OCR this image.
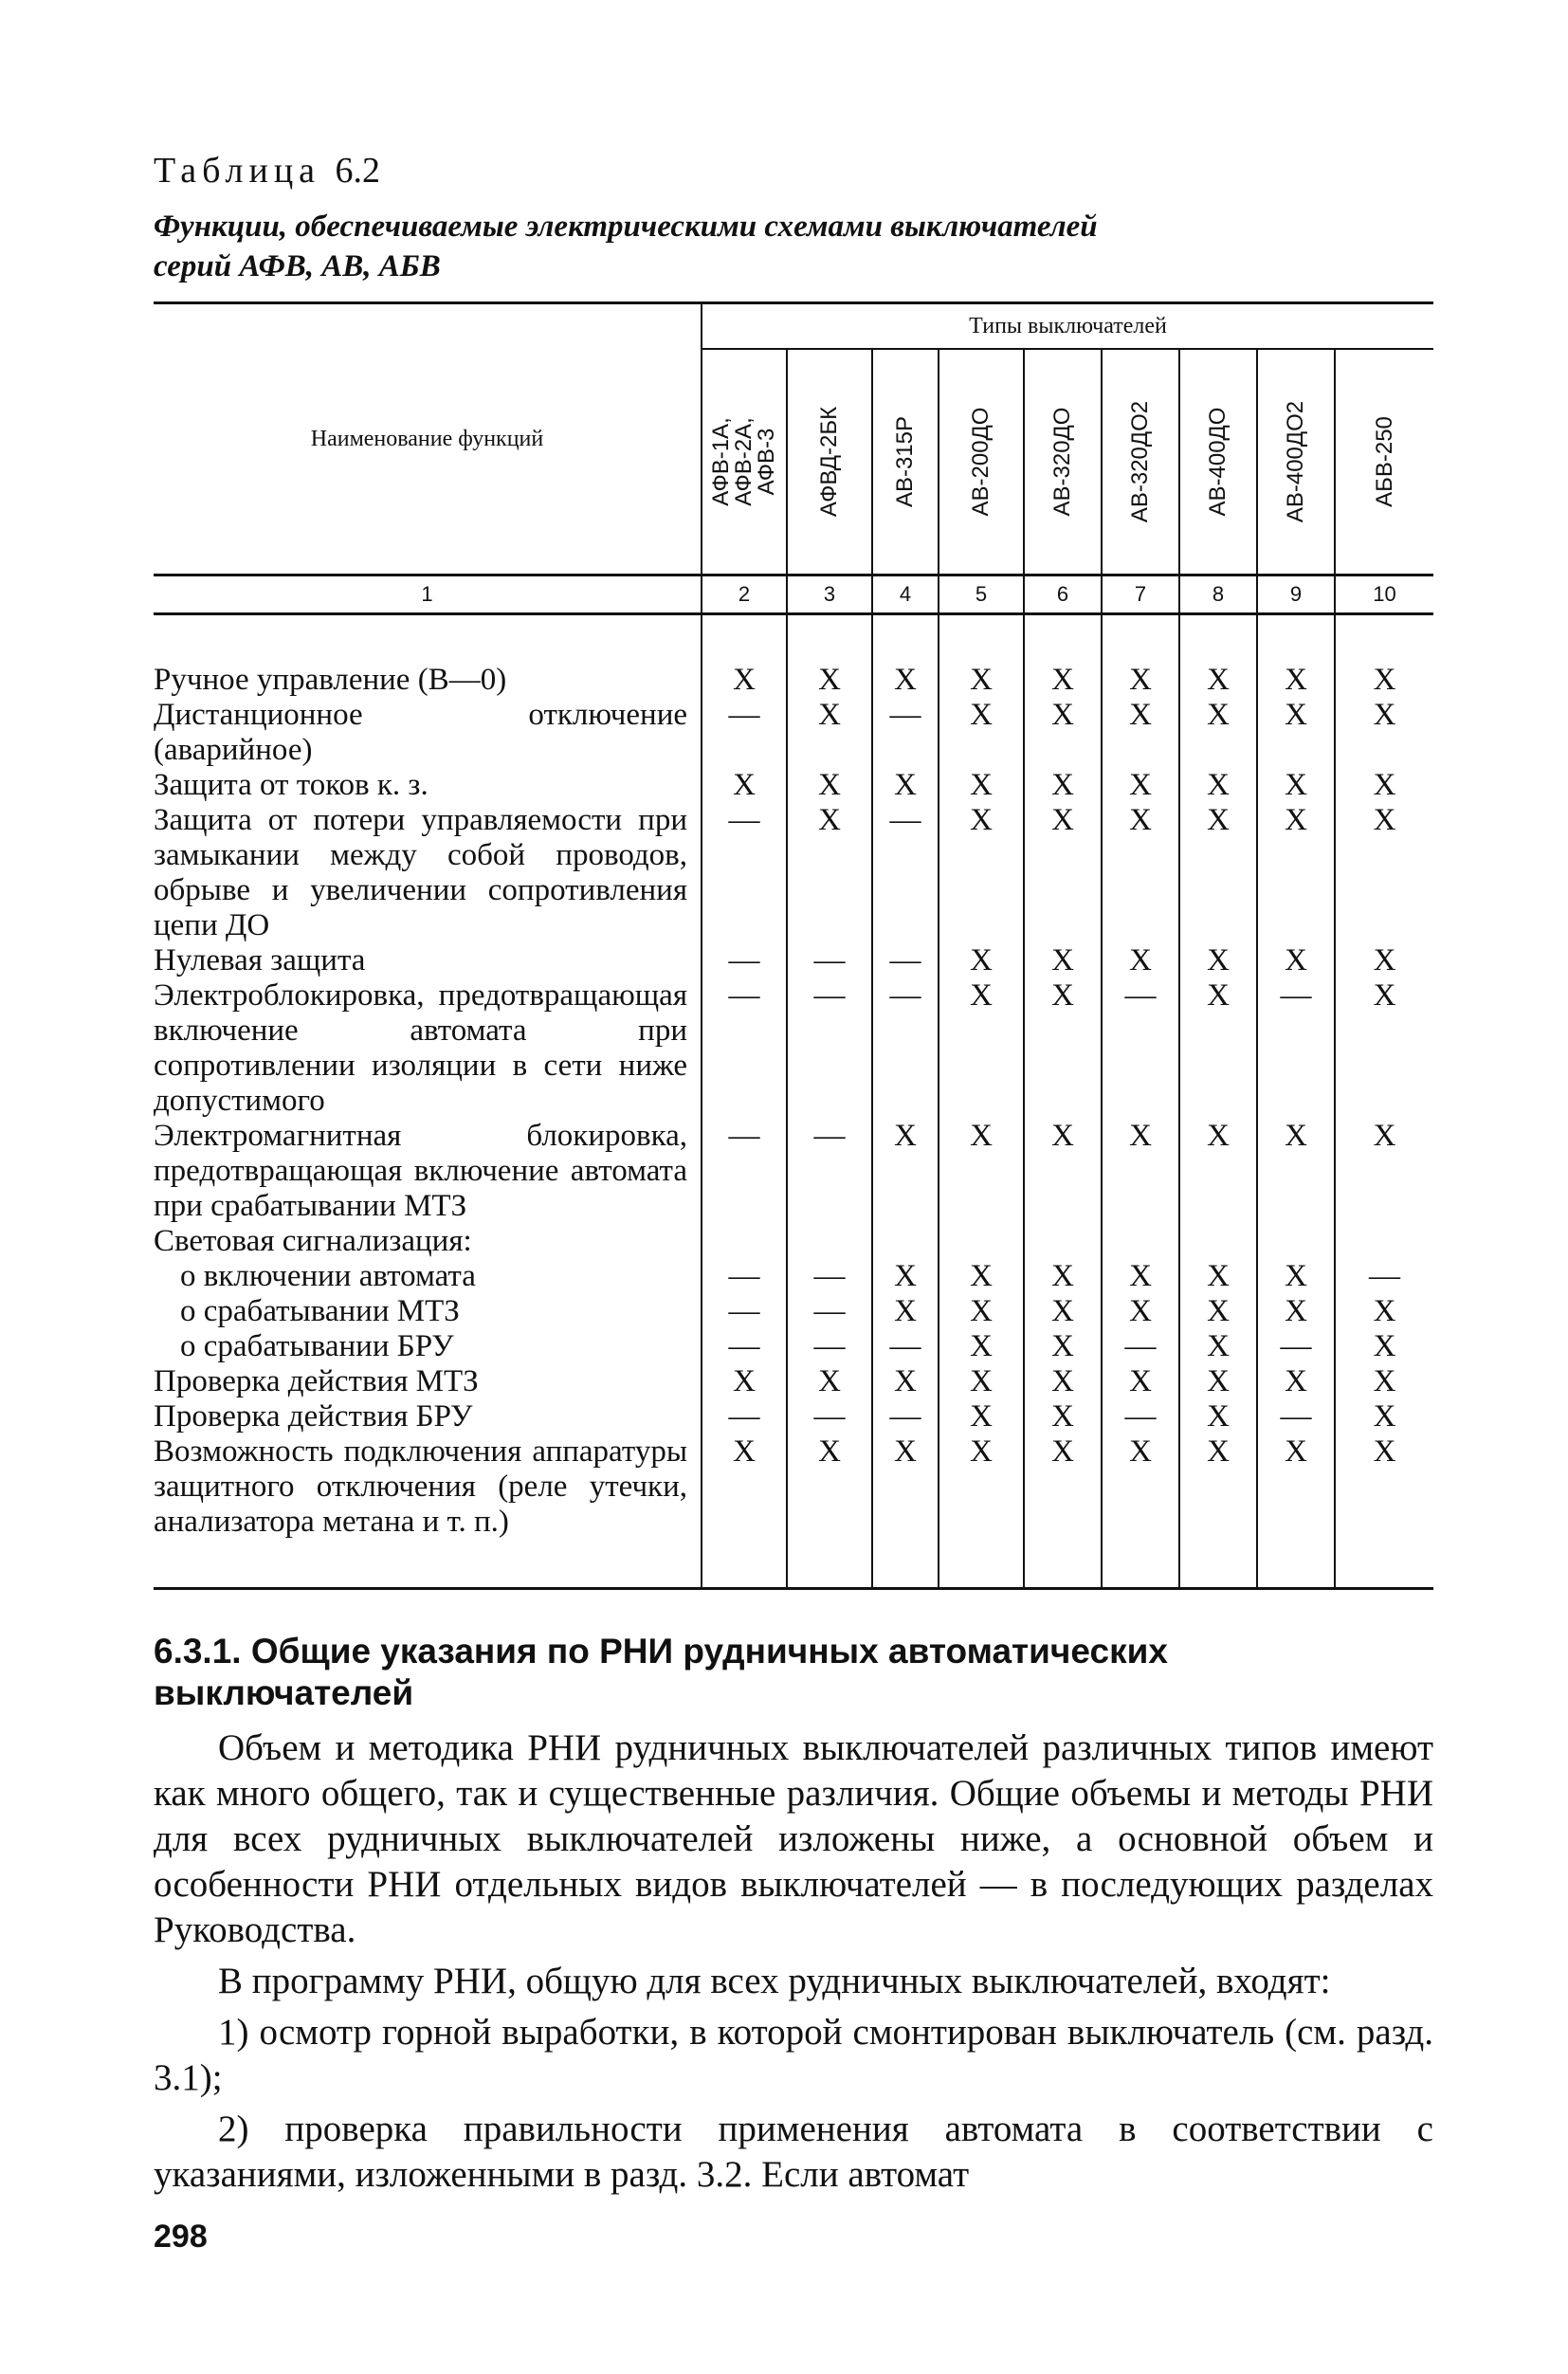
Таблица 6.2
Функции, обеспечиваемые электрическими схемами выключателей
серий АФВ, АВ, АБВ
Наименование функций	Типы выключателей								

	АФВ-1А,
АФВ-2А,
АФВ-3	АФВД-2БК	АВ-315Р	АВ-200ДО	АВ-320ДО	АВ-320ДО2	АВ-400ДО	АВ-400ДО2	АБВ-250

1	2	3	4	5	6	7	8	9	10

Ручное управление (В—0)	X	X	X	X	X	X	X	X	X
Дистанционное отключение (аварийное)	—	X	—	X	X	X	X	X	X
Защита от токов к. з.	X	X	X	X	X	X	X	X	X
Защита от потери управляемости при замыкании между собой проводов, обрыве и увеличении сопротивления цепи ДО	—	X	—	X	X	X	X	X	X
Нулевая защита	—	—	—	X	X	X	X	X	X
Электроблокировка, предотвращающая включение автомата при сопротивлении изоляции в сети ниже допустимого	—	—	—	X	X	—	X	—	X
Электромагнитная блокировка, предотвращающая включение автомата при срабатывании МТЗ	—	—	X	X	X	X	X	X	X
Световая сигнализация:									
о включении автомата	—	—	X	X	X	X	X	X	—
о срабатывании МТЗ	—	—	X	X	X	X	X	X	X
о срабатывании БРУ	—	—	—	X	X	—	X	—	X
Проверка действия МТЗ	X	X	X	X	X	X	X	X	X
Проверка действия БРУ	—	—	—	X	X	—	X	—	X
Возможность подключения аппаратуры защитного отключения (реле утечки, анализатора метана и т. п.)	X	X	X	X	X	X	X	X	X

6.3.1. Общие указания по РНИ рудничных автоматических выключателей

Объем и методика РНИ рудничных выключателей различных типов имеют как много общего, так и существенные различия. Общие объемы и методы РНИ для всех рудничных выключателей изложены ниже, а основной объем и особенности РНИ отдельных видов выключателей — в последующих разделах Руководства.

В программу РНИ, общую для всех рудничных выключателей, входят:

1) осмотр горной выработки, в которой смонтирован выключатель (см. разд. 3.1);

2) проверка правильности применения автомата в соответствии с указаниями, изложенными в разд. 3.2. Если автомат

298
